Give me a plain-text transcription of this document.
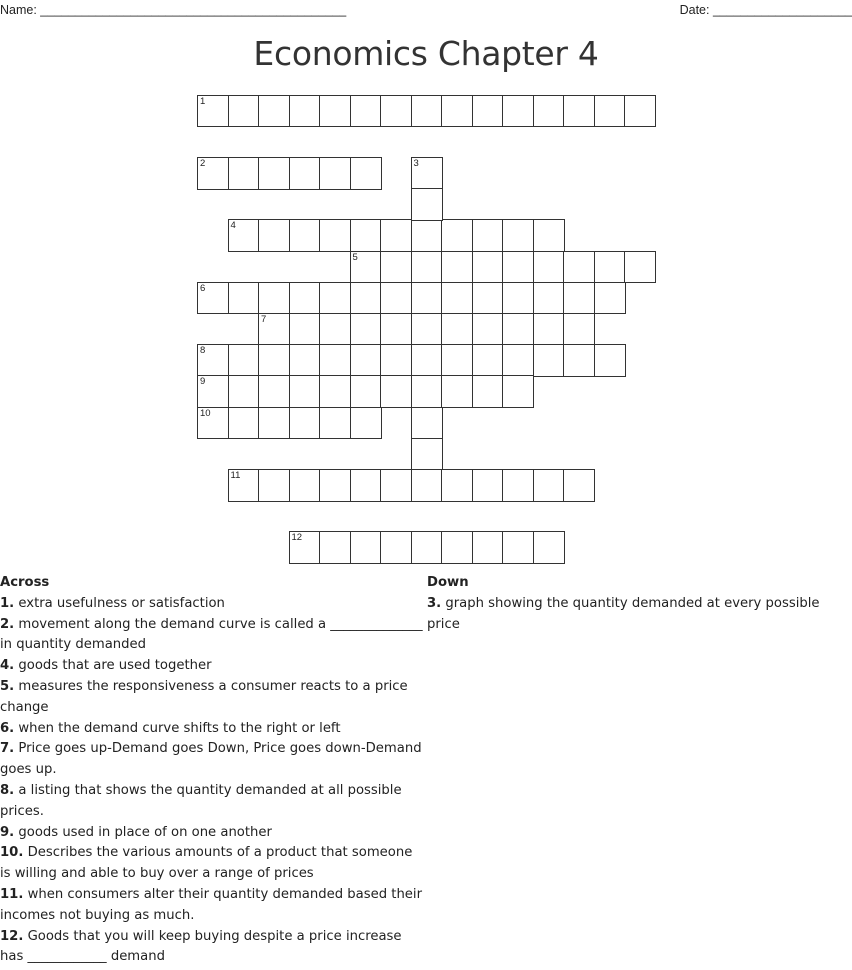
Name: ____________________________________________	Date: ____________________
Economics Chapter 4
1
2
4
5
6
7
8
9
10
11
12
3
Across
1. extra usefulness or satisfaction
2. movement along the demand curve is called a ______________ in quantity demanded
4. goods that are used together
5. measures the responsiveness a consumer reacts to a price change
6. when the demand curve shifts to the right or left
7. Price goes up-Demand goes Down, Price goes down-Demand goes up.
8. a listing that shows the quantity demanded at all possible prices.
9. goods used in place of on one another
10. Describes the various amounts of a product that someone is willing and able to buy over a range of prices
11. when consumers alter their quantity demanded based their incomes not buying as much.
12. Goods that you will keep buying despite a price increase has ____________ demand
Down
3. graph showing the quantity demanded at every possible price
